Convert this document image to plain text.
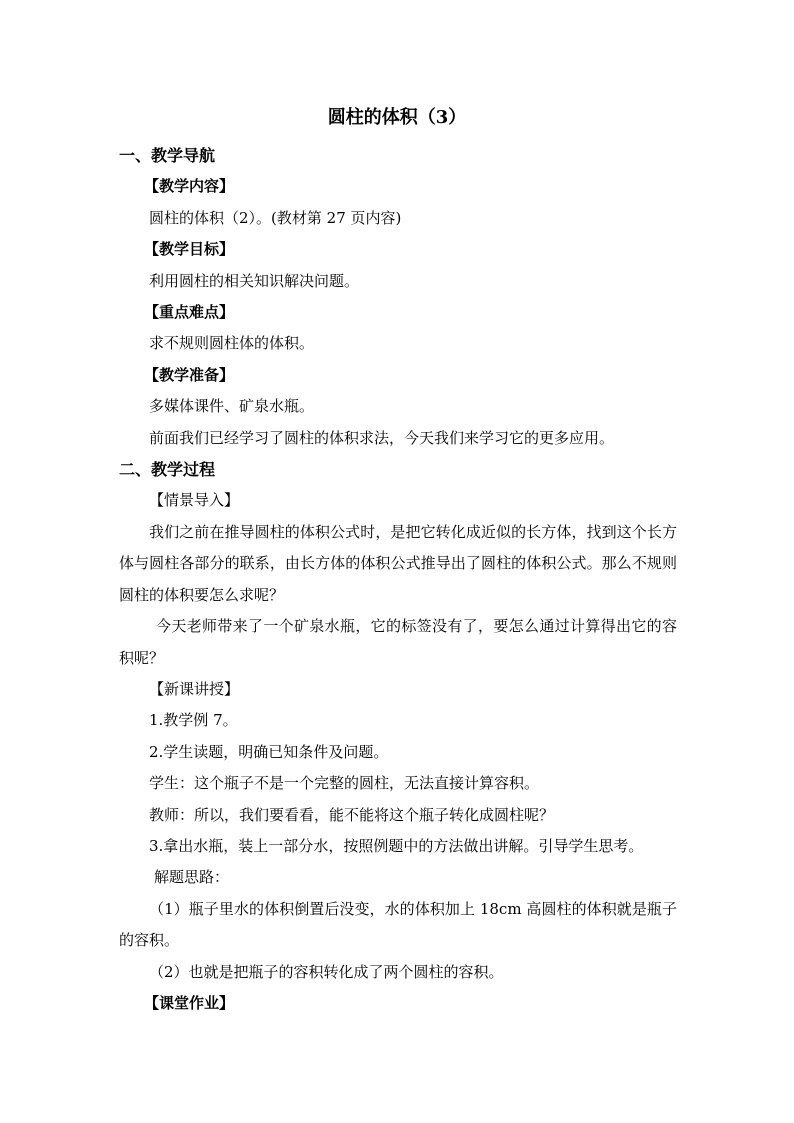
圆柱的体积（3）

一、教学导航

【教学内容】

圆柱的体积（2）。(教材第 27 页内容)

【教学目标】

利用圆柱的相关知识解决问题。

【重点难点】

求不规则圆柱体的体积。

【教学准备】

多媒体课件、矿泉水瓶。

前面我们已经学习了圆柱的体积求法，今天我们来学习它的更多应用。

二、教学过程

【情景导入】

我们之前在推导圆柱的体积公式时，是把它转化成近似的长方体，找到这个长方体与圆柱各部分的联系，由长方体的体积公式推导出了圆柱的体积公式。那么不规则圆柱的体积要怎么求呢？

今天老师带来了一个矿泉水瓶，它的标签没有了，要怎么通过计算得出它的容积呢？

【新课讲授】

1.教学例 7。

2.学生读题，明确已知条件及问题。

学生：这个瓶子不是一个完整的圆柱，无法直接计算容积。

教师：所以，我们要看看，能不能将这个瓶子转化成圆柱呢？

3.拿出水瓶，装上一部分水，按照例题中的方法做出讲解。引导学生思考。

解题思路：

（1）瓶子里水的体积倒置后没变，水的体积加上 18cm 高圆柱的体积就是瓶子的容积。

（2）也就是把瓶子的容积转化成了两个圆柱的容积。

【课堂作业】
